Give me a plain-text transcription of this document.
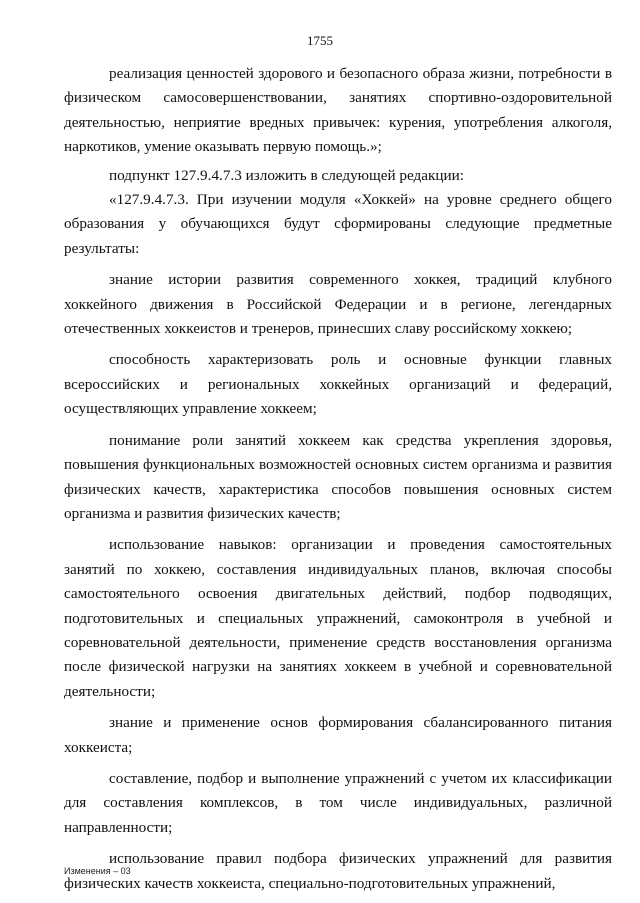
1755

реализация ценностей здорового и безопасного образа жизни, потребности в физическом самосовершенствовании, занятиях спортивно-оздоровительной деятельностью, неприятие вредных привычек: курения, употребления алкоголя, наркотиков, умение оказывать первую помощь.»;

подпункт 127.9.4.7.3 изложить в следующей редакции:

«127.9.4.7.3. При изучении модуля «Хоккей» на уровне среднего общего образования у обучающихся будут сформированы следующие предметные результаты:

знание истории развития современного хоккея, традиций клубного хоккейного движения в Российской Федерации и в регионе, легендарных отечественных хоккеистов и тренеров, принесших славу российскому хоккею;

способность характеризовать роль и основные функции главных всероссийских и региональных хоккейных организаций и федераций, осуществляющих управление хоккеем;

понимание роли занятий хоккеем как средства укрепления здоровья, повышения функциональных возможностей основных систем организма и развития физических качеств, характеристика способов повышения основных систем организма и развития физических качеств;

использование навыков: организации и проведения самостоятельных занятий по хоккею, составления индивидуальных планов, включая способы самостоятельного освоения двигательных действий, подбор подводящих, подготовительных и специальных упражнений, самоконтроля в учебной и соревновательной деятельности, применение средств восстановления организма после физической нагрузки на занятиях хоккеем в учебной и соревновательной деятельности;

знание и применение основ формирования сбалансированного питания хоккеиста;

составление, подбор и выполнение упражнений с учетом их классификации для составления комплексов, в том числе индивидуальных, различной направленности;

использование правил подбора физических упражнений для развития физических качеств хоккеиста, специально-подготовительных упражнений,

Изменения – 03
